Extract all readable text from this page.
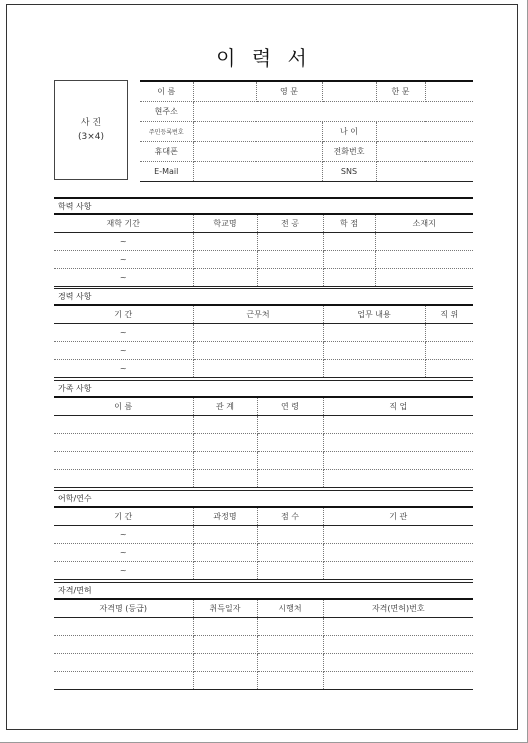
이 력 서
사 진
(3×4)
이 름		영 문		한 문	
현주소					
주민등록번호			나 이		
휴대폰			전화번호		
E-Mail			SNS		
학력 사항
재학 기간	학교명	전 공	학 점	소재지
~				
~				
~				
경력 사항
기 간	근무처	업무 내용	직 위
~			
~			
~			
가족 사항
이 름	관 계	연 령	직 업

어학/연수
기 간	과정명	점 수	기 관
~			
~			
~			
자격/면허
자격명 (등급)	취득일자	시행처	자격(면허)번호
